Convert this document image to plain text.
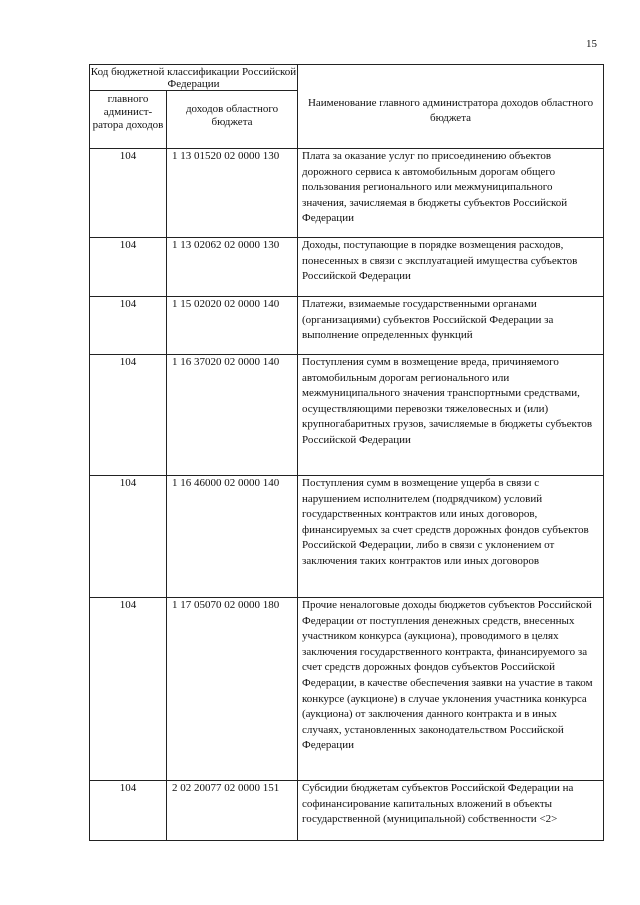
15
Код бюджетной классификации Российской Федерации		Наименование главного администратора доходов областного бюджета
главного админист-ратора доходов	доходов областного бюджета	
104	1 13 01520 02 0000 130	Плата за оказание услуг по присоединению объектов дорожного сервиса к автомобильным дорогам общего пользования регионального или межмуниципального значения, зачисляемая в бюджеты субъектов Российской Федерации
104	1 13 02062 02 0000 130	Доходы, поступающие в порядке возмещения расходов, понесенных в связи с эксплуатацией имущества субъектов Российской Федерации
104	1 15 02020 02 0000 140	Платежи, взимаемые государственными органами (организациями) субъектов Российской Федерации за выполнение определенных функций
104	1 16 37020 02 0000 140	Поступления сумм в возмещение вреда, причиняемого автомобильным дорогам регионального или межмуниципального значения транспортными средствами, осуществляющими перевозки тяжеловесных и (или) крупногабаритных грузов, зачисляемые в бюджеты субъектов Российской Федерации
104	1 16 46000 02 0000 140	Поступления сумм в возмещение ущерба в связи с нарушением исполнителем (подрядчиком) условий государственных контрактов или иных договоров, финансируемых за счет средств дорожных фондов субъектов Российской Федерации, либо в связи с уклонением от заключения таких контрактов или иных договоров
104	1 17 05070 02 0000 180	Прочие неналоговые доходы бюджетов субъектов Российской Федерации от поступления денежных средств, внесенных участником конкурса (аукциона), проводимого в целях заключения государственного контракта, финансируемого за счет средств дорожных фондов субъектов Российской Федерации, в качестве обеспечения заявки на участие в таком конкурсе (аукционе) в случае уклонения участника конкурса (аукциона) от заключения данного контракта и в иных случаях, установленных законодательством Российской Федерации
104	2 02 20077 02 0000 151	Субсидии бюджетам субъектов Российской Федерации на софинансирование капитальных вложений в объекты государственной (муниципальной) собственности <2>
